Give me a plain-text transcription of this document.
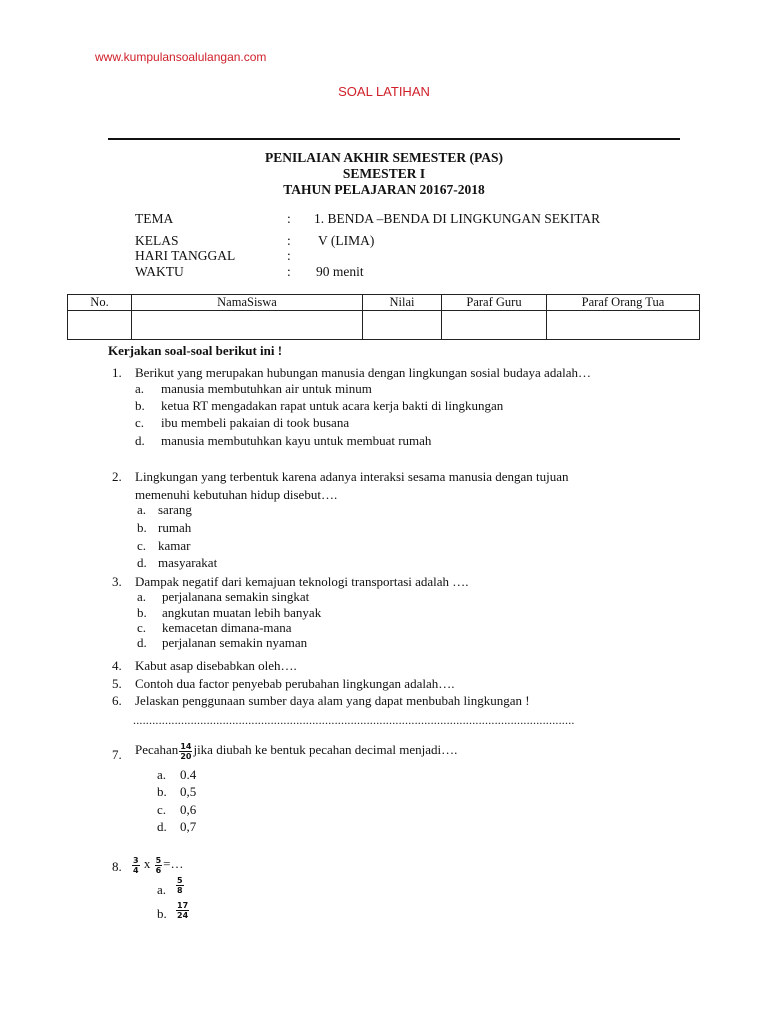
www.kumpulansoalulangan.com
SOAL LATIHAN
PENILAIAN AKHIR SEMESTER (PAS)
SEMESTER I
TAHUN PELAJARAN 20167-2018
TEMA	: 1. BENDA –BENDA DI LINGKUNGAN SEKITAR
KELAS	: V (LIMA)
HARI TANGGAL	:
WAKTU	: 90 menit
No.	NamaSiswa	Nilai	Paraf Guru	Paraf Orang Tua

Kerjakan soal-soal berikut ini !
1. Berikut yang merupakan hubungan manusia dengan lingkungan sosial budaya adalah…
a. manusia membutuhkan air untuk minum
b. ketua RT mengadakan rapat untuk acara kerja bakti di lingkungan
c. ibu membeli pakaian di took busana
d. manusia membutuhkan kayu untuk membuat rumah
2. Lingkungan yang terbentuk karena adanya interaksi sesama manusia dengan tujuan
memenuhi kebutuhan hidup disebut….
a. sarang
b. rumah
c. kamar
d. masyarakat
3. Dampak negatif dari kemajuan teknologi transportasi adalah ….
a. perjalanana semakin singkat
b. angkutan muatan lebih banyak
c. kemacetan dimana-mana
d. perjalanan semakin nyaman
4. Kabut asap disebabkan oleh….
5. Contoh dua factor penyebab perubahan lingkungan adalah….
6. Jelaskan penggunaan sumber daya alam yang dapat menbubah lingkungan !
..........................................................................................................................................
7. Pecahan $\frac{14}{20}$ jika diubah ke bentuk pecahan decimal menjadi….
a. 0.4
b. 0,5
c. 0,6
d. 0,7
8. $\frac{3}{4}$ x $\frac{5}{6}$ =…
a. $\frac{5}{8}$
b. $\frac{17}{24}$
